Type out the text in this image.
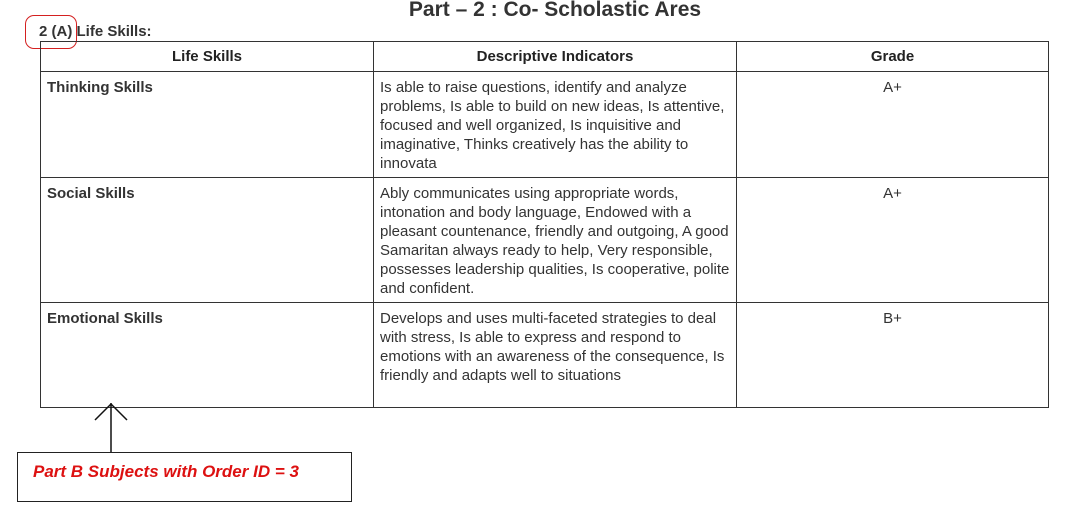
Part – 2 : Co- Scholastic Ares
2 (A) Life Skills:
Life Skills	Descriptive Indicators	Grade
Thinking Skills	Is able to raise questions, identify and analyze problems, Is able to build on new ideas, Is attentive, focused and well organized, Is inquisitive and imaginative, Thinks creatively has the ability to innovata	A+
Social Skills	Ably communicates using appropriate words, intonation and body language, Endowed with a pleasant countenance, friendly and outgoing, A good Samaritan always ready to help, Very responsible, possesses leadership qualities, Is cooperative, polite and confident.	A+
Emotional Skills	Develops and uses multi-faceted strategies to deal with stress, Is able to express and respond to emotions with an awareness of the consequence, Is friendly and adapts well to situations	B+
Part B Subjects with Order ID = 3
